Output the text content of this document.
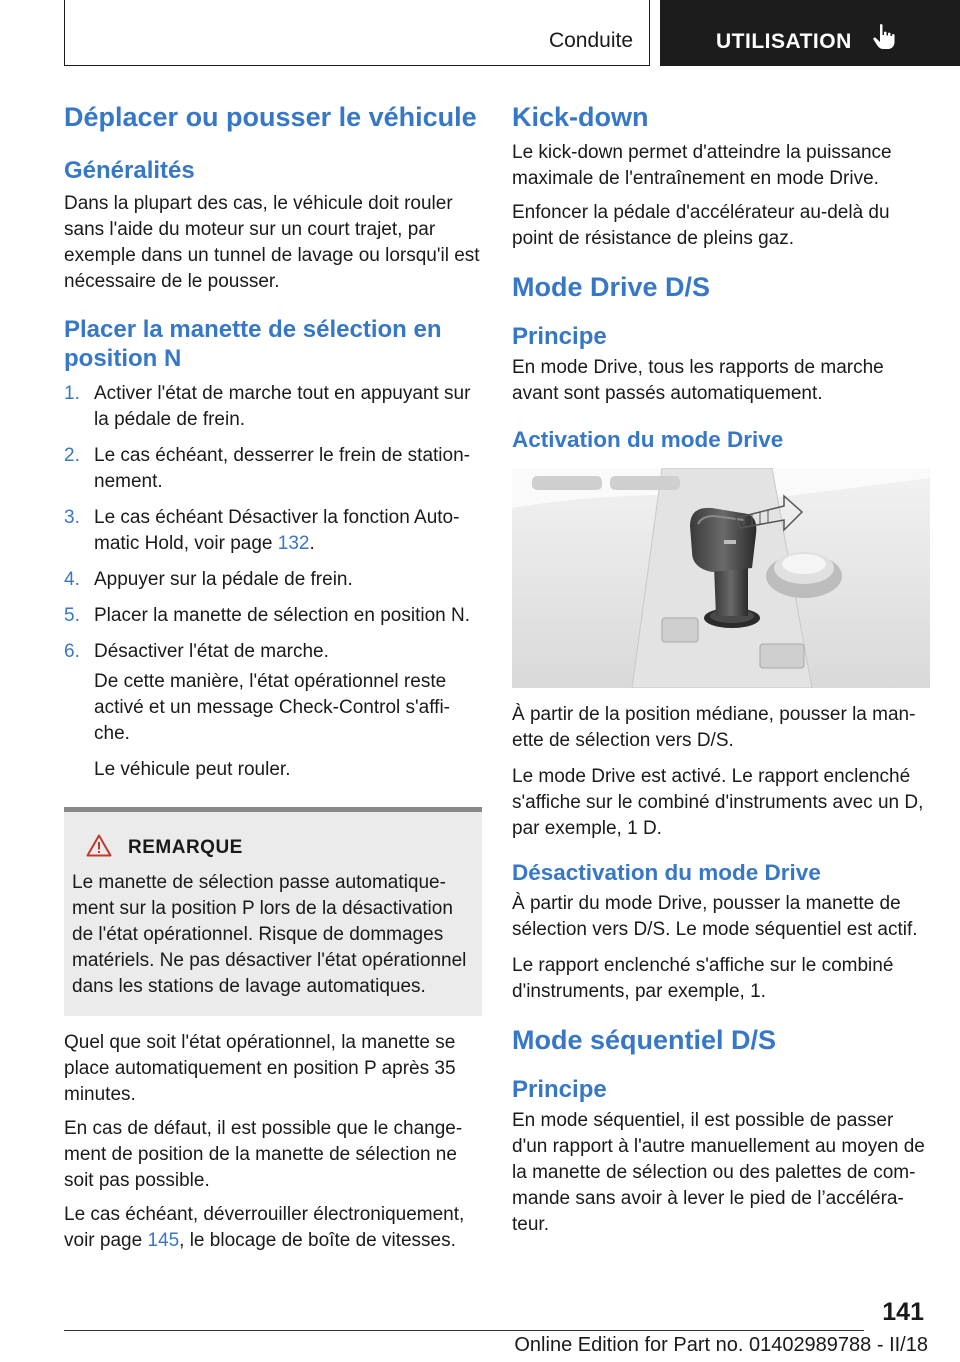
Conduite	UTILISATION
Déplacer ou pousser le véhicule
Généralités
Dans la plupart des cas, le véhicule doit rouler sans l'aide du moteur sur un court trajet, par exemple dans un tunnel de lavage ou lorsqu'il est nécessaire de le pousser.
Placer la manette de sélection en position N
1. Activer l'état de marche tout en appuyant sur la pédale de frein.
2. Le cas échéant, desserrer le frein de station-nement.
3. Le cas échéant Désactiver la fonction Auto-matic Hold, voir page 132.
4. Appuyer sur la pédale de frein.
5. Placer la manette de sélection en position N.
6. Désactiver l'état de marche.
De cette manière, l'état opérationnel reste activé et un message Check-Control s'affi-che.
Le véhicule peut rouler.
REMARQUE
Le manette de sélection passe automatique-ment sur la position P lors de la désactivation de l'état opérationnel. Risque de dommages matériels. Ne pas désactiver l'état opérationnel dans les stations de lavage automatiques.
Quel que soit l'état opérationnel, la manette se place automatiquement en position P après 35 minutes.
En cas de défaut, il est possible que le change-ment de position de la manette de sélection ne soit pas possible.
Le cas échéant, déverrouiller électroniquement, voir page 145, le blocage de boîte de vitesses.
Kick-down
Le kick-down permet d'atteindre la puissance maximale de l'entraînement en mode Drive.
Enfoncer la pédale d'accélérateur au-delà du point de résistance de pleins gaz.
Mode Drive D/S
Principe
En mode Drive, tous les rapports de marche avant sont passés automatiquement.
Activation du mode Drive
À partir de la position médiane, pousser la man-ette de sélection vers D/S.
Le mode Drive est activé. Le rapport enclenché s'affiche sur le combiné d'instruments avec un D, par exemple, 1 D.
Désactivation du mode Drive
À partir du mode Drive, pousser la manette de sélection vers D/S. Le mode séquentiel est actif.
Le rapport enclenché s'affiche sur le combiné d'instruments, par exemple, 1.
Mode séquentiel D/S
Principe
En mode séquentiel, il est possible de passer d'un rapport à l'autre manuellement au moyen de la manette de sélection ou des palettes de com-mande sans avoir à lever le pied de l’accéléra-teur.
141
Online Edition for Part no. 01402989788 - II/18
